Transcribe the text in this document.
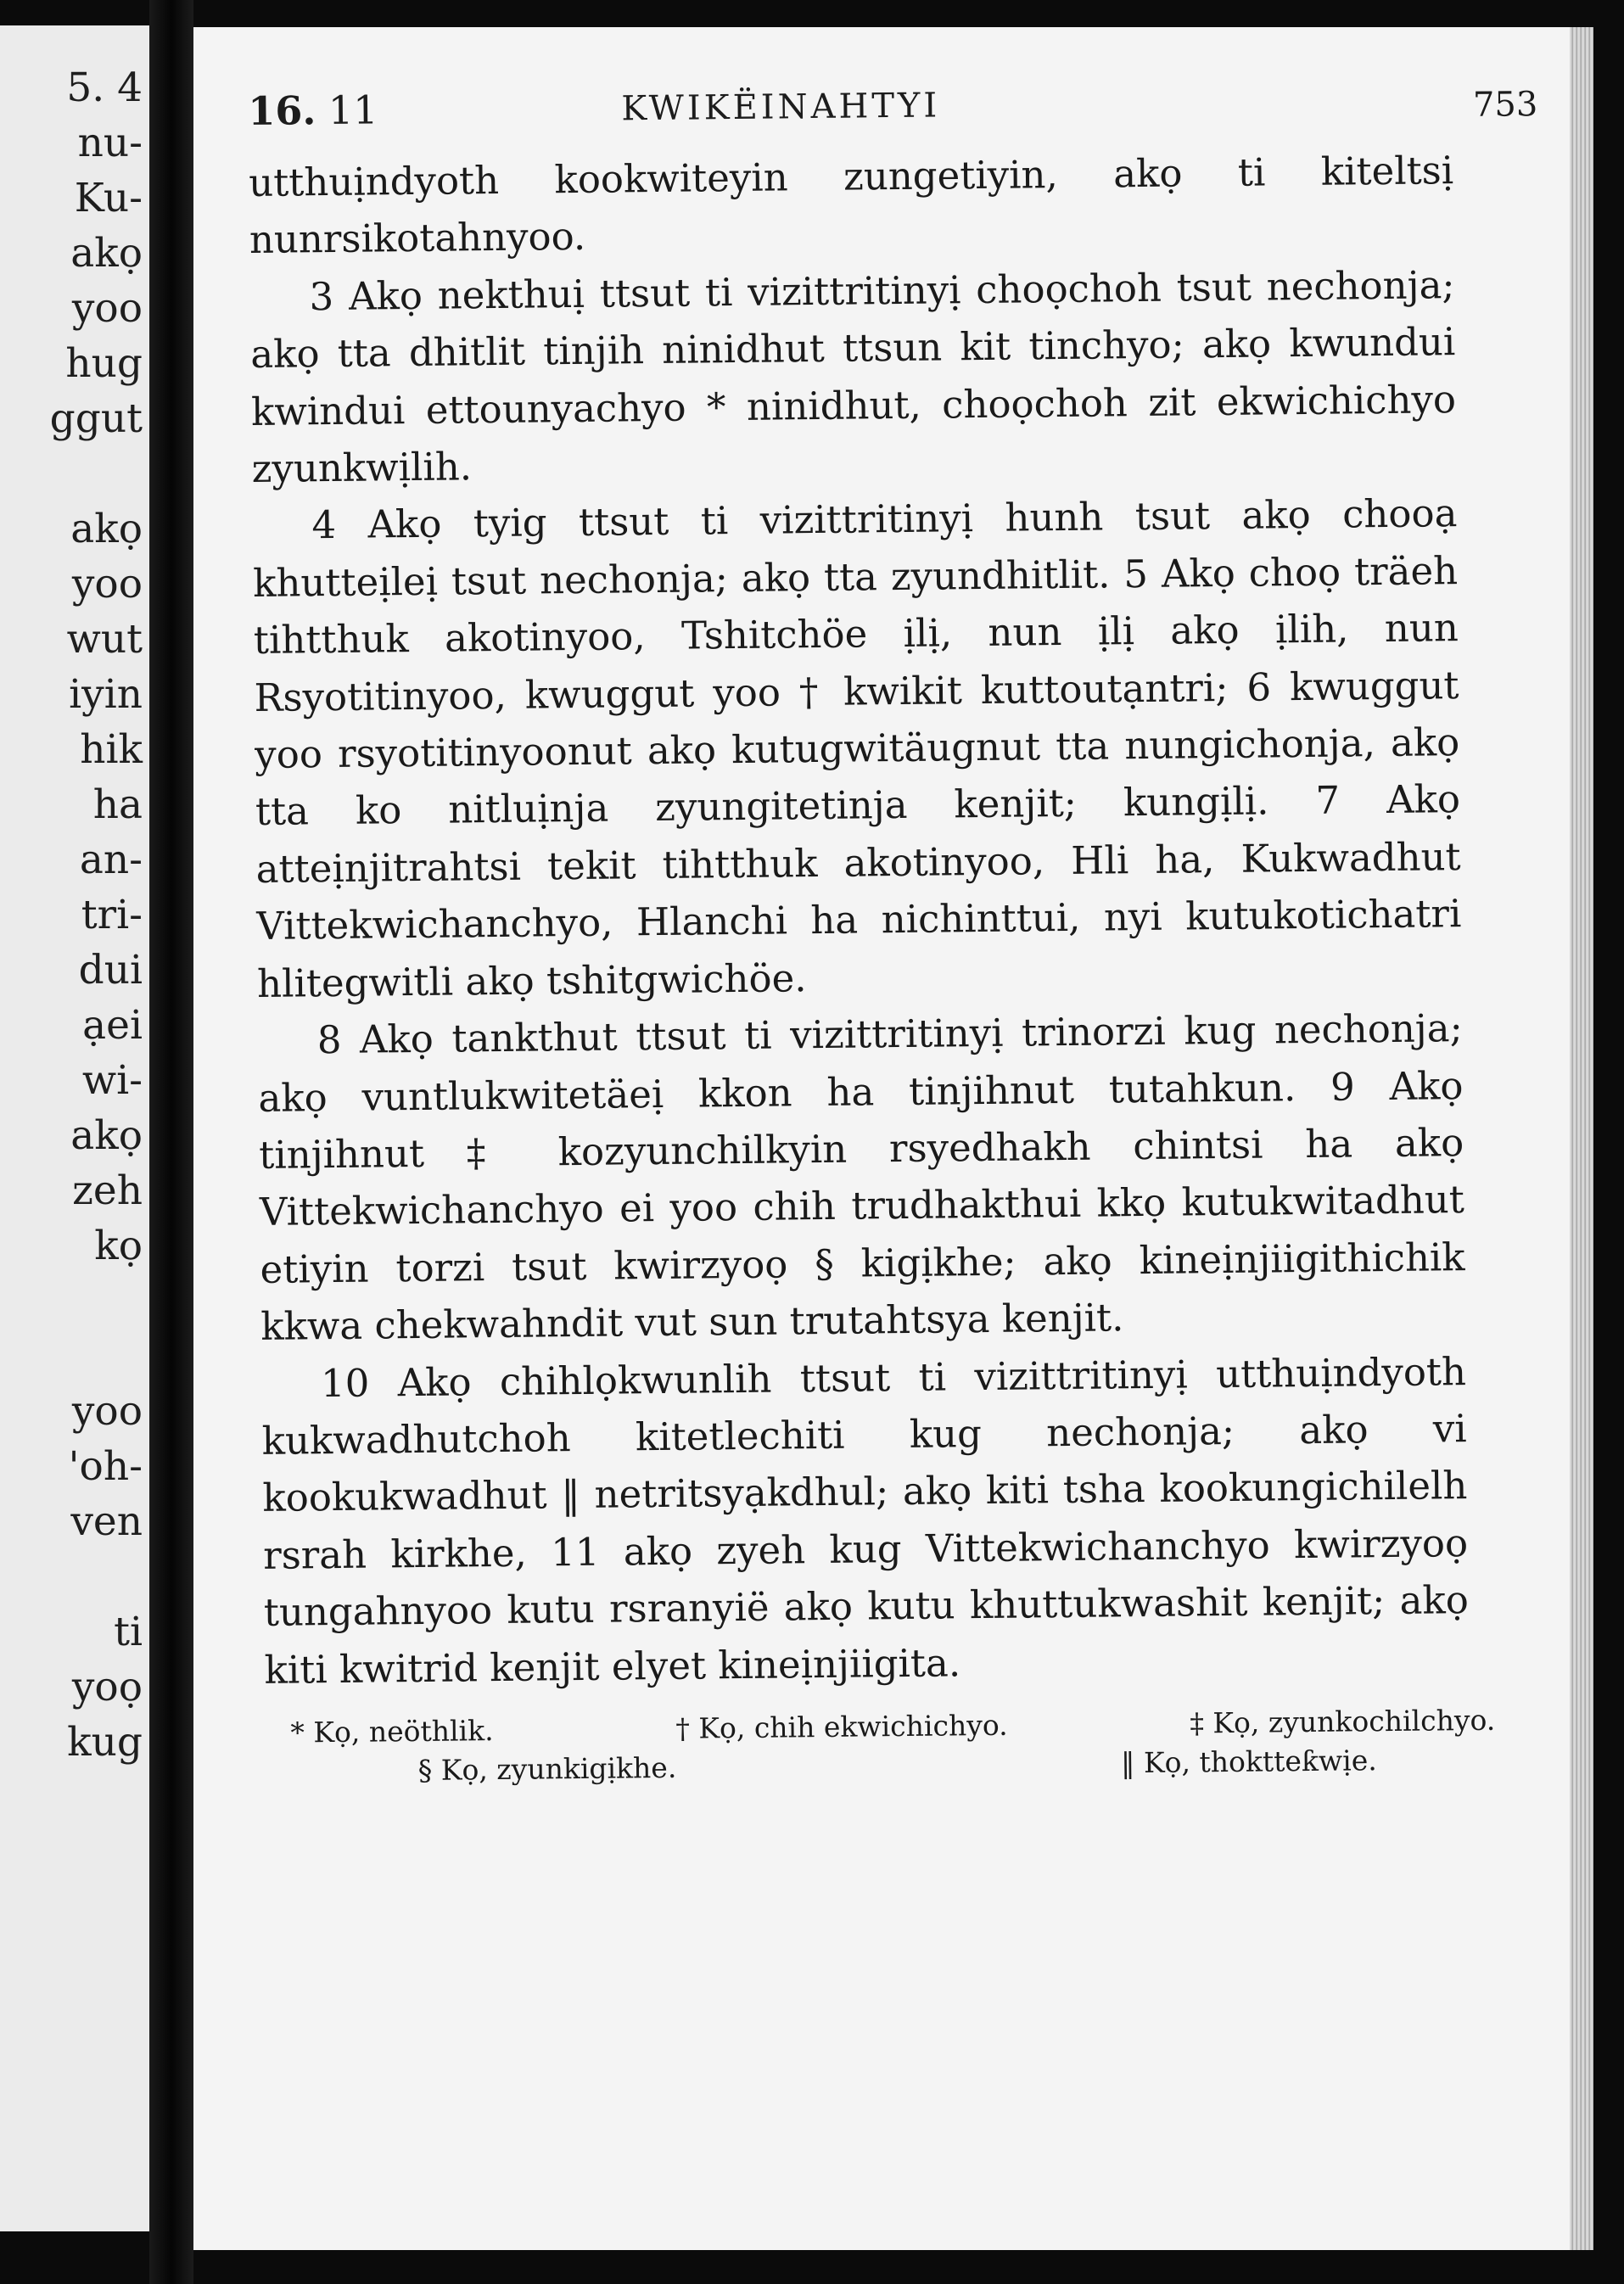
5. 4
nu-
Ku-
akọ
yoo
hug
ggut
akọ
yoo
wut
iyin
hik
ha
an-
tri-
dui
ạei
wi-
akọ
zeh
kọ
yoo
'oh-
ven
ti
yoọ
kug
16. 11	KWIKËINAHTYI	753

utthuịndyoth kookwiteyin zungetiyin, akọ ti kiteltsị nunrsikotahnyoo.

3 Akọ nekthuị ttsut ti vizittritinyị choọchoh tsut nechonja; akọ tta dhitlit tinjih ninidhut ttsun kit tinchyo; akọ kwundui kwindui ettounyachyo * ninidhut, choọchoh zit ekwichichyo zyunkwịlih.

4 Akọ tyig ttsut ti vizittritinyị hunh tsut akọ chooạ khutteịleị tsut nechonja; akọ tta zyundhitlit. 5 Akọ choọ träeh tihtthuk akotinyoo, Tshitchöe ịlị, nun ịlị akọ ịlih, nun Rsyotitinyoo, kwuggut yoo † kwikit kuttoutạntri; 6 kwuggut yoo rsyotitinyoonut akọ kutugwitäugnut tta nungichonja, akọ tta ko nitluịnja zyungitetinja kenjit; kungịlị. 7 Akọ atteịnjitrahtsi tekit tihtthuk akotinyoo, Hli ha, Kukwadhut Vittekwichanchyo, Hlanchi ha nichinttui, nyi kutukotichatri hlitegwitli akọ tshitgwichöe.

8 Akọ tankthut ttsut ti vizittritinyị trinorzi kug nechonja; akọ vuntlukwitetäeị kkon ha tinjihnut tutahkun. 9 Akọ tinjihnut ‡ kozyunchilkyin rsyedhakh chintsi ha akọ Vittekwichanchyo ei yoo chih trudhakthui kkọ kutukwitadhut etiyin torzi tsut kwirzyoọ § kigịkhe; akọ kineịnjiigithichik kkwa chekwahndit vut sun trutahtsya kenjit.

10 Akọ chihlọkwunlih ttsut ti vizittritinyị utthuịndyoth kukwadhutchoh kitetlechiti kug nechonja; akọ vi kookukwadhut ‖ netritsyạkdhul; akọ kiti tsha kookungichilelh rsrah kirkhe, 11 akọ zyeh kug Vittekwichanchyo kwirzyoọ tungahnyoo kutu rsranyië akọ kutu khuttukwashit kenjit; akọ kiti kwitrid kenjit elyet kineịnjiigita.

* Kọ, neöthlik.	† Kọ, chih ekwichichyo.	‡ Kọ, zyunkochilchyo.
§ Kọ, zyunkigịkhe.	‖ Kọ, thoktteƙwịe.
